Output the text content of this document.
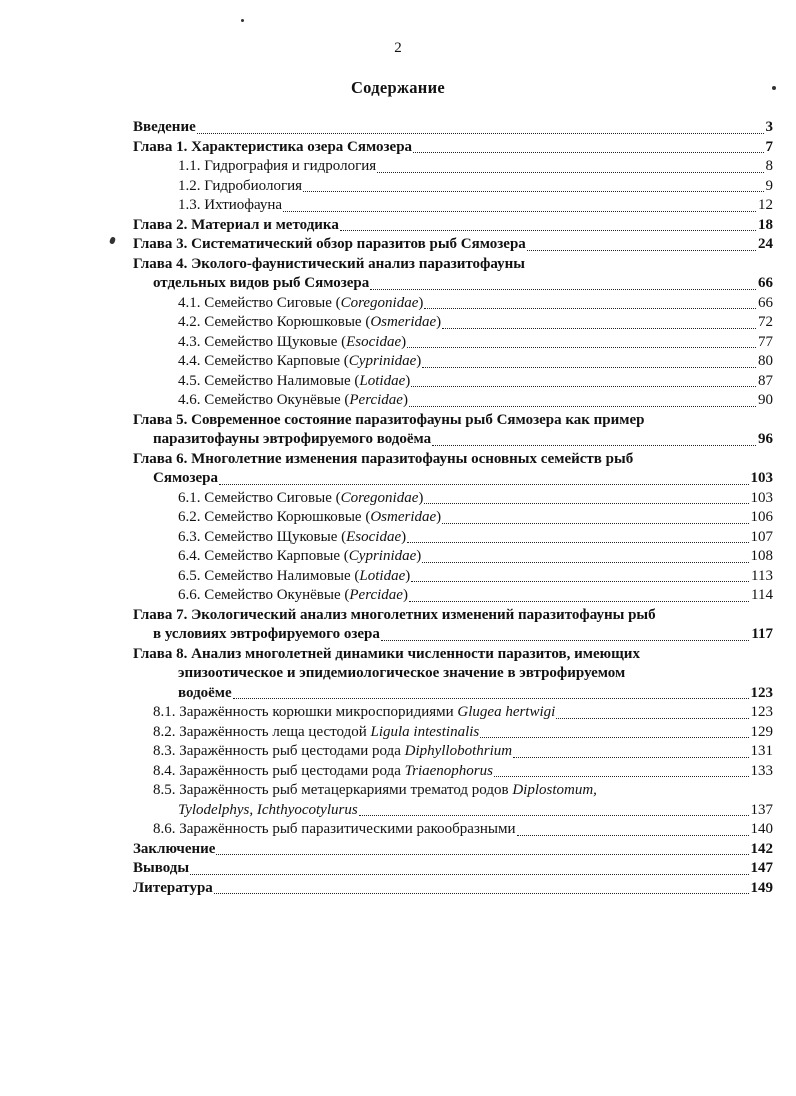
2
Содержание
Введение	3
Глава 1. Характеристика озера Сямозера	7
1.1. Гидрография и гидрология	8
1.2. Гидробиология	9
1.3. Ихтиофауна	12
Глава 2. Материал и методика	18
Глава 3. Систематический обзор паразитов рыб Сямозера	24
Глава 4. Эколого-фаунистический анализ паразитофауны
отдельных видов рыб Сямозера	66
4.1. Семейство Сиговые (Coregonidae)	66
4.2. Семейство Корюшковые (Osmeridae)	72
4.3. Семейство Щуковые (Esocidae)	77
4.4. Семейство Карповые (Cyprinidae)	80
4.5. Семейство Налимовые (Lotidae)	87
4.6. Семейство Окунёвые (Percidae)	90
Глава 5. Современное состояние паразитофауны рыб Сямозера как пример
паразитофауны эвтрофируемого водоёма	96
Глава 6. Многолетние изменения паразитофауны основных семейств рыб
Сямозера	103
6.1. Семейство Сиговые (Coregonidae)	103
6.2. Семейство Корюшковые (Osmeridae)	106
6.3. Семейство Щуковые (Esocidae)	107
6.4. Семейство Карповые (Cyprinidae)	108
6.5. Семейство Налимовые (Lotidae)	113
6.6. Семейство Окунёвые (Percidae)	114
Глава 7. Экологический анализ многолетних изменений паразитофауны рыб
в условиях эвтрофируемого озера	117
Глава 8. Анализ многолетней динамики численности паразитов, имеющих
эпизоотическое и эпидемиологическое значение в эвтрофируемом
водоёме	123
8.1. Заражённость корюшки микроспоридиями Glugea hertwigi	123
8.2. Заражённость леща цестодой Ligula intestinalis	129
8.3. Заражённость рыб цестодами рода Diphyllobothrium	131
8.4. Заражённость рыб цестодами рода Triaenophorus	133
8.5. Заражённость рыб метацеркариями трематод родов Diplostomum,
Tylodelphys, Ichthyocotylurus	137
8.6. Заражённость рыб паразитическими ракообразными	140
Заключение	142
Выводы	147
Литература	149
